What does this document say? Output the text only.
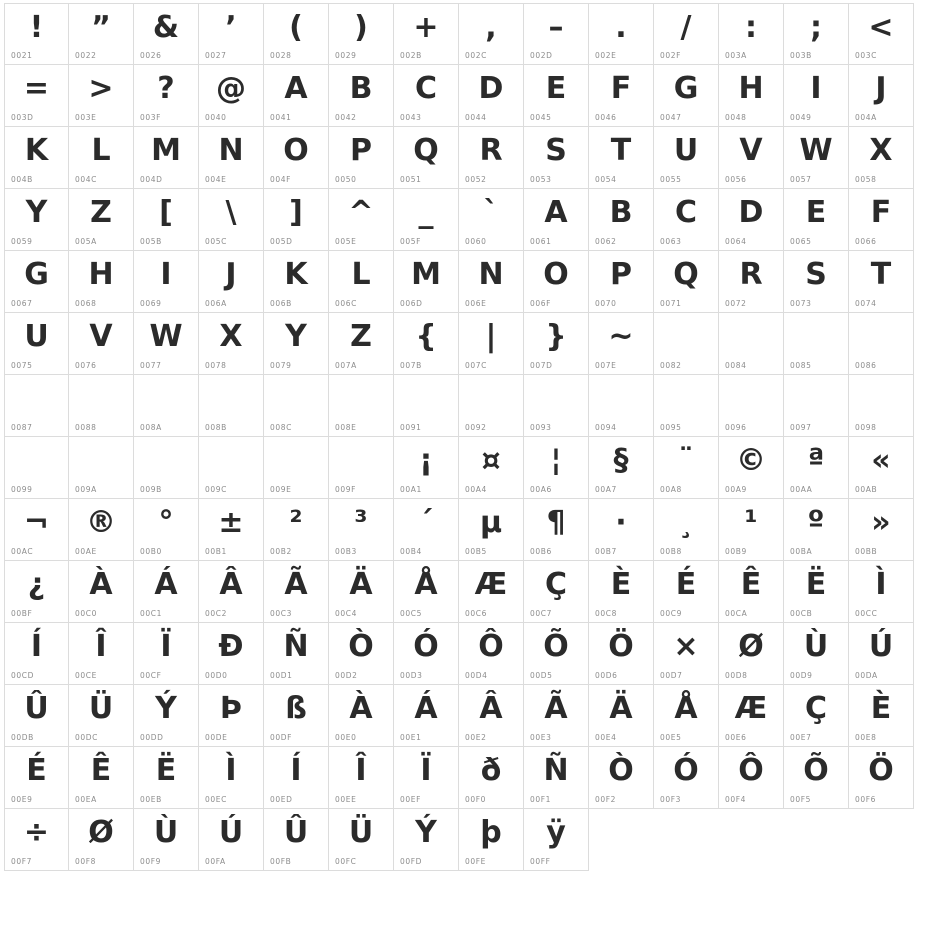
!
0021
”
0022
&
0026
’
0027
(
0028
)
0029
+
002B
,
002C
–
002D
.
002E
/
002F
:
003A
;
003B
<
003C
=
003D
>
003E
?
003F
@
0040
A
0041
B
0042
C
0043
D
0044
E
0045
F
0046
G
0047
H
0048
I
0049
J
004A
K
004B
L
004C
M
004D
N
004E
O
004F
P
0050
Q
0051
R
0052
S
0053
T
0054
U
0055
V
0056
W
0057
X
0058
Y
0059
Z
005A
[
005B
\
005C
]
005D
^
005E
_
005F
`
0060
A
0061
B
0062
C
0063
D
0064
E
0065
F
0066
G
0067
H
0068
I
0069
J
006A
K
006B
L
006C
M
006D
N
006E
O
006F
P
0070
Q
0071
R
0072
S
0073
T
0074
U
0075
V
0076
W
0077
X
0078
Y
0079
Z
007A
{
007B
|
007C
}
007D
~
007E	0082	0084	0085	0086
0087	0088	008A	008B	008C	008E	0091	0092	0093	0094	0095	0096	0097	0098
0099	009A	009B	009C	009E	009F
¡
00A1
¤
00A4
¦
00A6
§
00A7
¨
00A8
©
00A9
ª
00AA
«
00AB
¬
00AC
®
00AE
°
00B0
±
00B1
²
00B2
³
00B3
´
00B4
µ
00B5
¶
00B6
·
00B7
¸
00B8
¹
00B9
º
00BA
»
00BB
¿
00BF
À
00C0
Á
00C1
Â
00C2
Ã
00C3
Ä
00C4
Å
00C5
Æ
00C6
Ç
00C7
È
00C8
É
00C9
Ê
00CA
Ë
00CB
Ì
00CC
Í
00CD
Î
00CE
Ï
00CF
Ð
00D0
Ñ
00D1
Ò
00D2
Ó
00D3
Ô
00D4
Õ
00D5
Ö
00D6
×
00D7
Ø
00D8
Ù
00D9
Ú
00DA
Û
00DB
Ü
00DC
Ý
00DD
Þ
00DE
ß
00DF
À
00E0
Á
00E1
Â
00E2
Ã
00E3
Ä
00E4
Å
00E5
Æ
00E6
Ç
00E7
È
00E8
É
00E9
Ê
00EA
Ë
00EB
Ì
00EC
Í
00ED
Î
00EE
Ï
00EF
ð
00F0
Ñ
00F1
Ò
00F2
Ó
00F3
Ô
00F4
Õ
00F5
Ö
00F6
÷
00F7
Ø
00F8
Ù
00F9
Ú
00FA
Û
00FB
Ü
00FC
Ý
00FD
þ
00FE
ÿ
00FF
